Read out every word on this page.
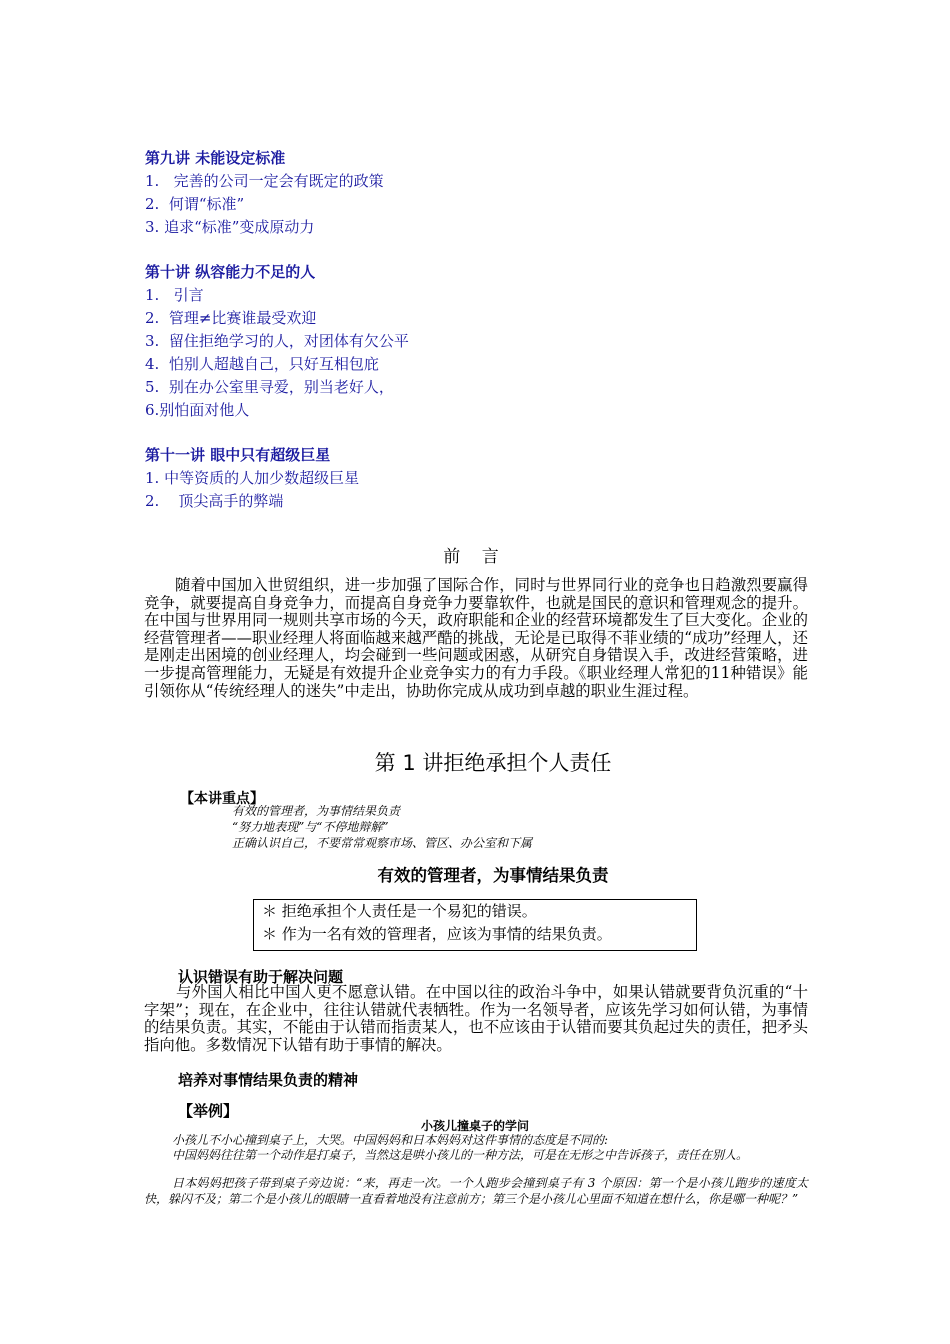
第九讲 未能设定标准
1.   完善的公司一定会有既定的政策
2.  何谓“标准”
3. 追求“标准”变成原动力
第十讲 纵容能力不足的人
1.   引言
2.  管理≠比赛谁最受欢迎
3.  留住拒绝学习的人，对团体有欠公平
4.  怕别人超越自己，只好互相包庇
5.  别在办公室里寻爱，别当老好人，
6.别怕面对他人
第十一讲 眼中只有超级巨星
1. 中等资质的人加少数超级巨星
2.    顶尖高手的弊端
前 言
随着中国加入世贸组织，进一步加强了国际合作，同时与世界同行业的竞争也日趋激烈要赢得竞争，就要提高自身竞争力，而提高自身竞争力要靠软件，也就是国民的意识和管理观念的提升。在中国与世界用同一规则共享市场的今天，政府职能和企业的经营环境都发生了巨大变化。企业的经营管理者——职业经理人将面临越来越严酷的挑战，无论是已取得不菲业绩的“成功”经理人，还是刚走出困境的创业经理人，均会碰到一些问题或困惑，从研究自身错误入手，改进经营策略，进一步提高管理能力，无疑是有效提升企业竞争实力的有力手段。《职业经理人常犯的11种错误》能引领你从“传统经理人的迷失”中走出，协助你完成从成功到卓越的职业生涯过程。
第 1 讲拒绝承担个人责任
【本讲重点】
有效的管理者，为事情结果负责
“努力地表现”与“不停地辩解”
正确认识自己，不要常常观察市场、管区、办公室和下属
有效的管理者，为事情结果负责
＊ 拒绝承担个人责任是一个易犯的错误。
＊ 作为一名有效的管理者，应该为事情的结果负责。
认识错误有助于解决问题
与外国人相比中国人更不愿意认错。在中国以往的政治斗争中，如果认错就要背负沉重的“十字架”；现在，在企业中，往往认错就代表牺牲。作为一名领导者，应该先学习如何认错，为事情的结果负责。其实，不能由于认错而指责某人，也不应该由于认错而要其负起过失的责任，把矛头指向他。多数情况下认错有助于事情的解决。
培养对事情结果负责的精神
【举例】
小孩儿撞桌子的学问
小孩儿不小心撞到桌子上，大哭。中国妈妈和日本妈妈对这件事情的态度是不同的:
中国妈妈往往第一个动作是打桌子，当然这是哄小孩儿的一种方法，可是在无形之中告诉孩子，责任在别人。
日本妈妈把孩子带到桌子旁边说：“来，再走一次。一个人跑步会撞到桌子有 3 个原因：第一个是小孩儿跑步的速度太快，躲闪不及；第二个是小孩儿的眼睛一直看着地没有注意前方；第三个是小孩儿心里面不知道在想什么，你是哪一种呢？”
